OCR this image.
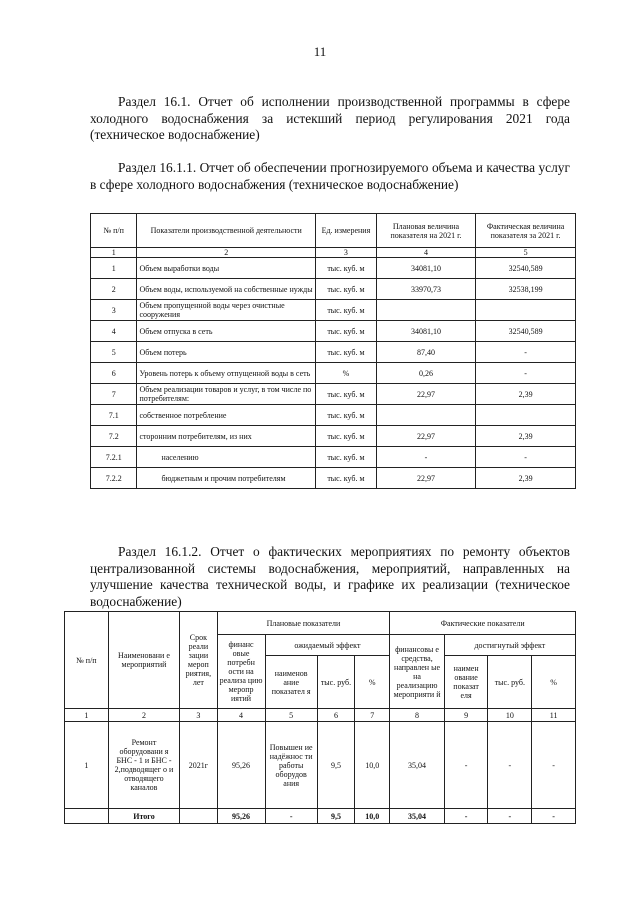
11
Раздел 16.1. Отчет об исполнении производственной программы в сфере холодного водоснабжения за истекший период регулирования 2021 года (техническое водоснабжение)
Раздел 16.1.1. Отчет об обеспечении прогнозируемого объема и качества услуг в сфере холодного водоснабжения (техническое водоснабжение)
№ п/п	Показатели производственной деятельности	Ед. измерения	Плановая величина показателя на 2021 г.	Фактическая величина показателя за 2021 г.
1	2	3	4	5
1	Объем выработки воды	тыс. куб. м	34081,10	32540,589
2	Объем воды, используемой на собственные нужды	тыс. куб. м	33970,73	32538,199
3	Объем пропущенной воды через очистные сооружения	тыс. куб. м		
4	Объем отпуска в сеть	тыс. куб. м	34081,10	32540,589
5	Объем потерь	тыс. куб. м	87,40	-
6	Уровень потерь к объему отпущенной воды в сеть	%	0,26	-
7	Объем реализации товаров и услуг, в том числе по потребителям:	тыс. куб. м	22,97	2,39
7.1	собственное потребление	тыс. куб. м		
7.2	сторонним потребителям, из них	тыс. куб. м	22,97	2,39
7.2.1	населению	тыс. куб. м	-	-
7.2.2	бюджетным и прочим потребителям	тыс. куб. м	22,97	2,39
Раздел 16.1.2. Отчет о фактических мероприятиях по ремонту объектов централизованной системы водоснабжения, мероприятий, направленных на улучшение качества технической воды, и графике их реализации (техническое водоснабжение)
№ п/п	Наименовани е мероприятий	Срок реали зации мероп риятия, лет	Плановые показатели				Фактические показатели			
			финанс овые потребн ости на реализа цию меропр иятий	ожидаемый эффект			финансовы е средства, направлен ые на реализацию мероприяти й	достигнутый эффект		
				наименов ание показател я	тыс. руб.	%		наимен ование показат еля	тыс. руб.	%
1	2	3	4	5	6	7	8	9	10	11
1	Ремонт оборудовани я БНС - 1 и БНС - 2,подводящег о и отводящего каналов	2021г	95,26	Повышен ие надёжнос ти работы оборудов ания	9,5	10,0	35,04	-	-	-
	Итого		95,26	-	9,5	10,0	35,04	-	-	-
